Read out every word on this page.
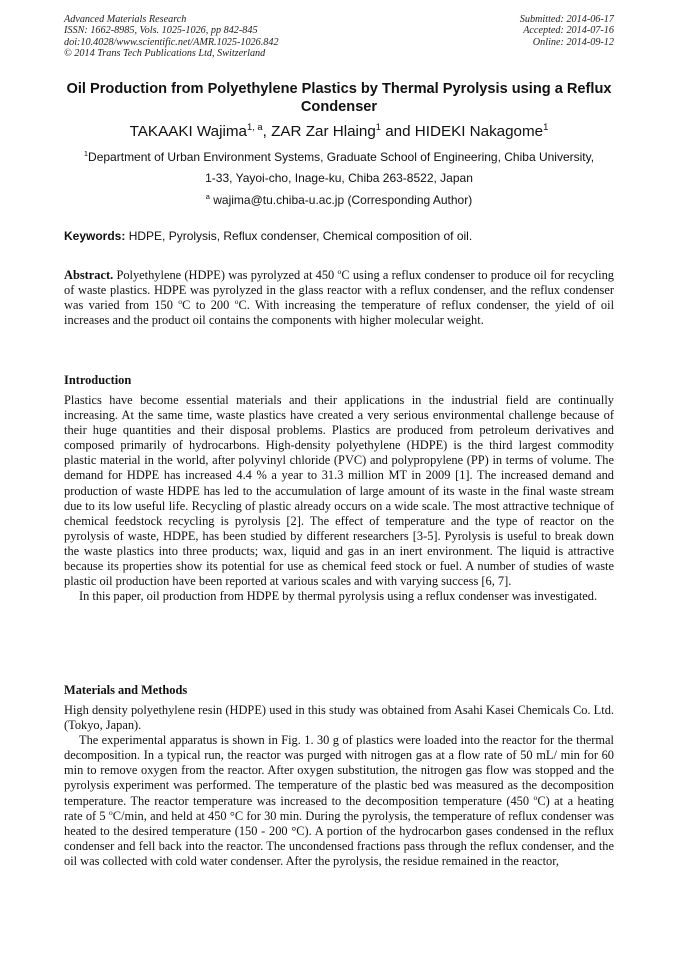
Advanced Materials Research
ISSN: 1662-8985, Vols. 1025-1026, pp 842-845
doi:10.4028/www.scientific.net/AMR.1025-1026.842
© 2014 Trans Tech Publications Ltd, Switzerland
Submitted: 2014-06-17
Accepted: 2014-07-16
Online: 2014-09-12
Oil Production from Polyethylene Plastics by Thermal Pyrolysis using a Reflux Condenser
TAKAAKI Wajima$^{1, a}$, ZAR Zar Hlaing$^1$ and HIDEKI Nakagome$^1$
$^1$Department of Urban Environment Systems, Graduate School of Engineering, Chiba University,
1-33, Yayoi-cho, Inage-ku, Chiba 263-8522, Japan
$^a$ wajima@tu.chiba-u.ac.jp (Corresponding Author)
Keywords: HDPE, Pyrolysis, Reflux condenser, Chemical composition of oil.

Abstract. Polyethylene (HDPE) was pyrolyzed at 450 $^o$C using a reflux condenser to produce oil for recycling of waste plastics. HDPE was pyrolyzed in the glass reactor with a reflux condenser, and the reflux condenser was varied from 150 $^o$C to 200 $^o$C. With increasing the temperature of reflux condenser, the yield of oil increases and the product oil contains the components with higher molecular weight.

Introduction

Plastics have become essential materials and their applications in the industrial field are continually increasing. At the same time, waste plastics have created a very serious environmental challenge because of their huge quantities and their disposal problems. Plastics are produced from petroleum derivatives and composed primarily of hydrocarbons. High-density polyethylene (HDPE) is the third largest commodity plastic material in the world, after polyvinyl chloride (PVC) and polypropylene (PP) in terms of volume. The demand for HDPE has increased 4.4 % a year to 31.3 million MT in 2009 [1]. The increased demand and production of waste HDPE has led to the accumulation of large amount of its waste in the final waste stream due to its low useful life. Recycling of plastic already occurs on a wide scale. The most attractive technique of chemical feedstock recycling is pyrolysis [2]. The effect of temperature and the type of reactor on the pyrolysis of waste, HDPE, has been studied by different researchers [3-5]. Pyrolysis is useful to break down the waste plastics into three products; wax, liquid and gas in an inert environment. The liquid is attractive because its properties show its potential for use as chemical feed stock or fuel. A number of studies of waste plastic oil production have been reported at various scales and with varying success [6, 7].

In this paper, oil production from HDPE by thermal pyrolysis using a reflux condenser was investigated.

Materials and Methods

High density polyethylene resin (HDPE) used in this study was obtained from Asahi Kasei Chemicals Co. Ltd. (Tokyo, Japan).

The experimental apparatus is shown in Fig. 1. 30 g of plastics were loaded into the reactor for the thermal decomposition. In a typical run, the reactor was purged with nitrogen gas at a flow rate of 50 mL/ min for 60 min to remove oxygen from the reactor. After oxygen substitution, the nitrogen gas flow was stopped and the pyrolysis experiment was performed. The temperature of the plastic bed was measured as the decomposition temperature. The reactor temperature was increased to the decomposition temperature (450 $^o$C) at a heating rate of 5 $^o$C/min, and held at 450 °C for 30 min. During the pyrolysis, the temperature of reflux condenser was heated to the desired temperature (150 - 200 °C). A portion of the hydrocarbon gases condensed in the reflux condenser and fell back into the reactor. The uncondensed fractions pass through the reflux condenser, and the oil was collected with cold water condenser. After the pyrolysis, the residue remained in the reactor,
